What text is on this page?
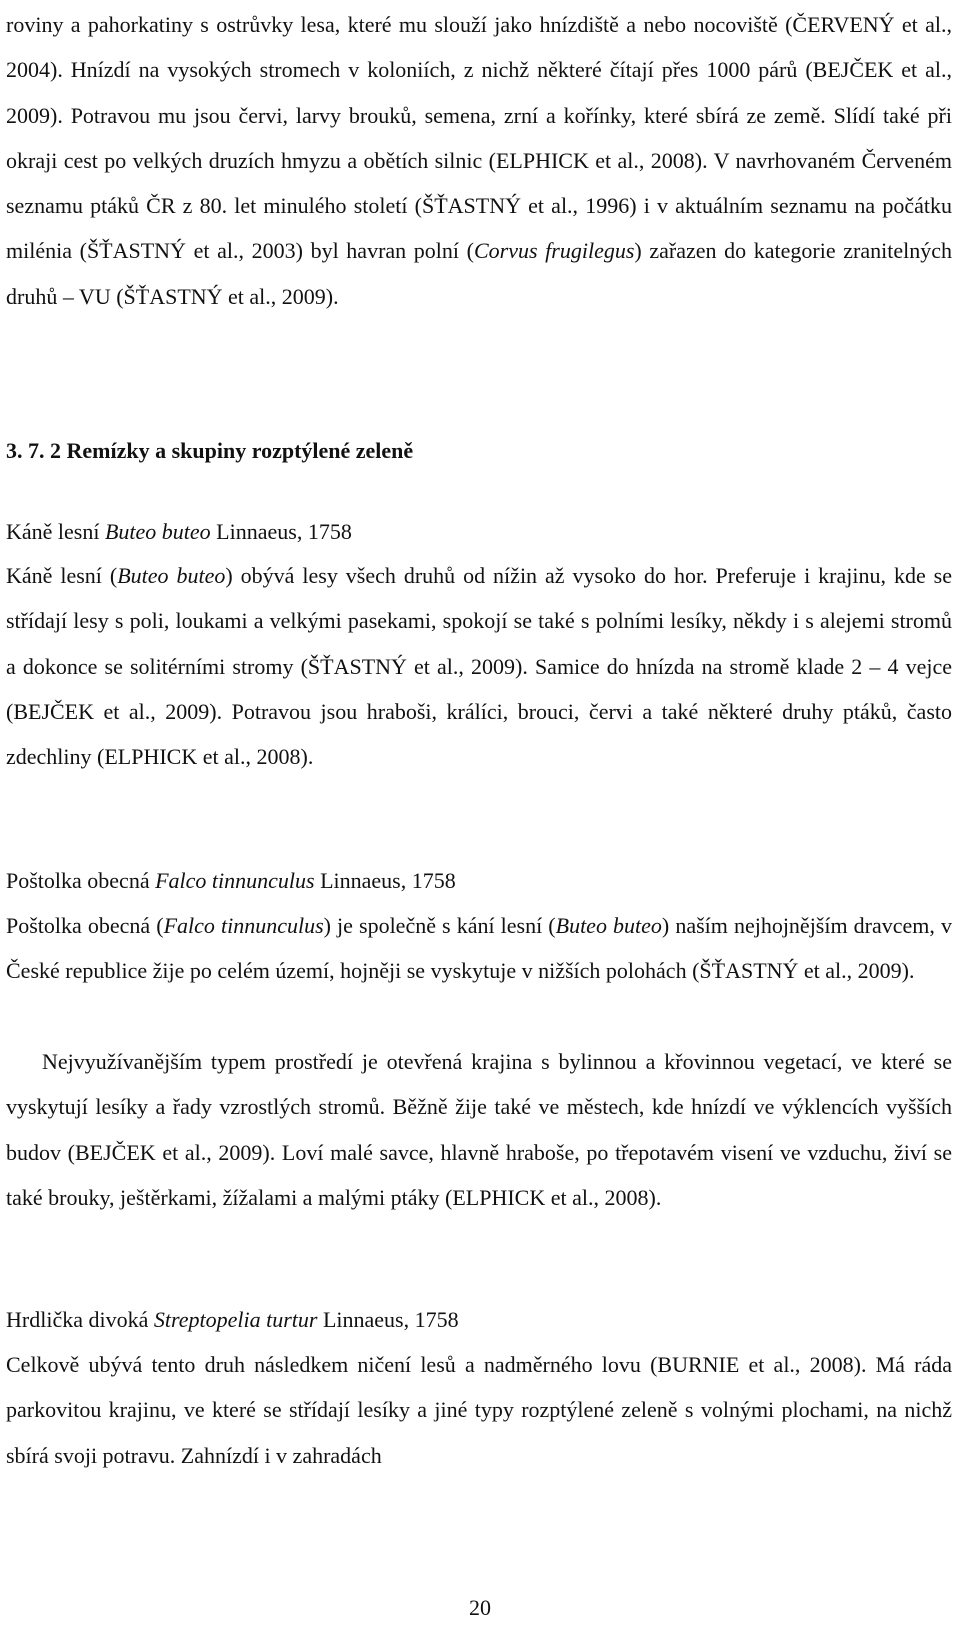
roviny a pahorkatiny s ostrůvky lesa, které mu slouží jako hnízdiště a nebo nocoviště (ČERVENÝ et al., 2004). Hnízdí na vysokých stromech v koloniích, z nichž některé čítají přes 1000 párů (BEJČEK et al., 2009). Potravou mu jsou červi, larvy brouků, semena, zrní a kořínky, které sbírá ze země. Slídí také při okraji cest po velkých druzích hmyzu a obětích silnic (ELPHICK et al., 2008). V navrhovaném Červeném seznamu ptáků ČR z 80. let minulého století (ŠŤASTNÝ et al., 1996) i v aktuálním seznamu na počátku milénia (ŠŤASTNÝ et al., 2003) byl havran polní (Corvus frugilegus) zařazen do kategorie zranitelných druhů – VU (ŠŤASTNÝ et al., 2009).

3. 7. 2 Remízky a skupiny rozptýlené zeleně

Káně lesní Buteo buteo Linnaeus, 1758

Káně lesní (Buteo buteo) obývá lesy všech druhů od nížin až vysoko do hor. Preferuje i krajinu, kde se střídají lesy s poli, loukami a velkými pasekami, spokojí se také s polními lesíky, někdy i s alejemi stromů a dokonce se solitérními stromy (ŠŤASTNÝ et al., 2009). Samice do hnízda na stromě klade 2 – 4 vejce (BEJČEK et al., 2009). Potravou jsou hraboši, králíci, brouci, červi a také některé druhy ptáků, často zdechliny (ELPHICK et al., 2008).

Poštolka obecná Falco tinnunculus Linnaeus, 1758

Poštolka obecná (Falco tinnunculus) je společně s kání lesní (Buteo buteo) naším nejhojnějším dravcem, v České republice žije po celém území, hojněji se vyskytuje v nižších polohách (ŠŤASTNÝ et al., 2009).

Nejvyužívanějším typem prostředí je otevřená krajina s bylinnou a křovinnou vegetací, ve které se vyskytují lesíky a řady vzrostlých stromů. Běžně žije také ve městech, kde hnízdí ve výklencích vyšších budov (BEJČEK et al., 2009). Loví malé savce, hlavně hraboše, po třepotavém visení ve vzduchu, živí se také brouky, ještěrkami, žížalami a malými ptáky (ELPHICK et al., 2008).

Hrdlička divoká Streptopelia turtur Linnaeus, 1758

Celkově ubývá tento druh následkem ničení lesů a nadměrného lovu (BURNIE et al., 2008). Má ráda parkovitou krajinu, ve které se střídají lesíky a jiné typy rozptýlené zeleně s volnými plochami, na nichž sbírá svoji potravu. Zahnízdí i v zahradách

20
